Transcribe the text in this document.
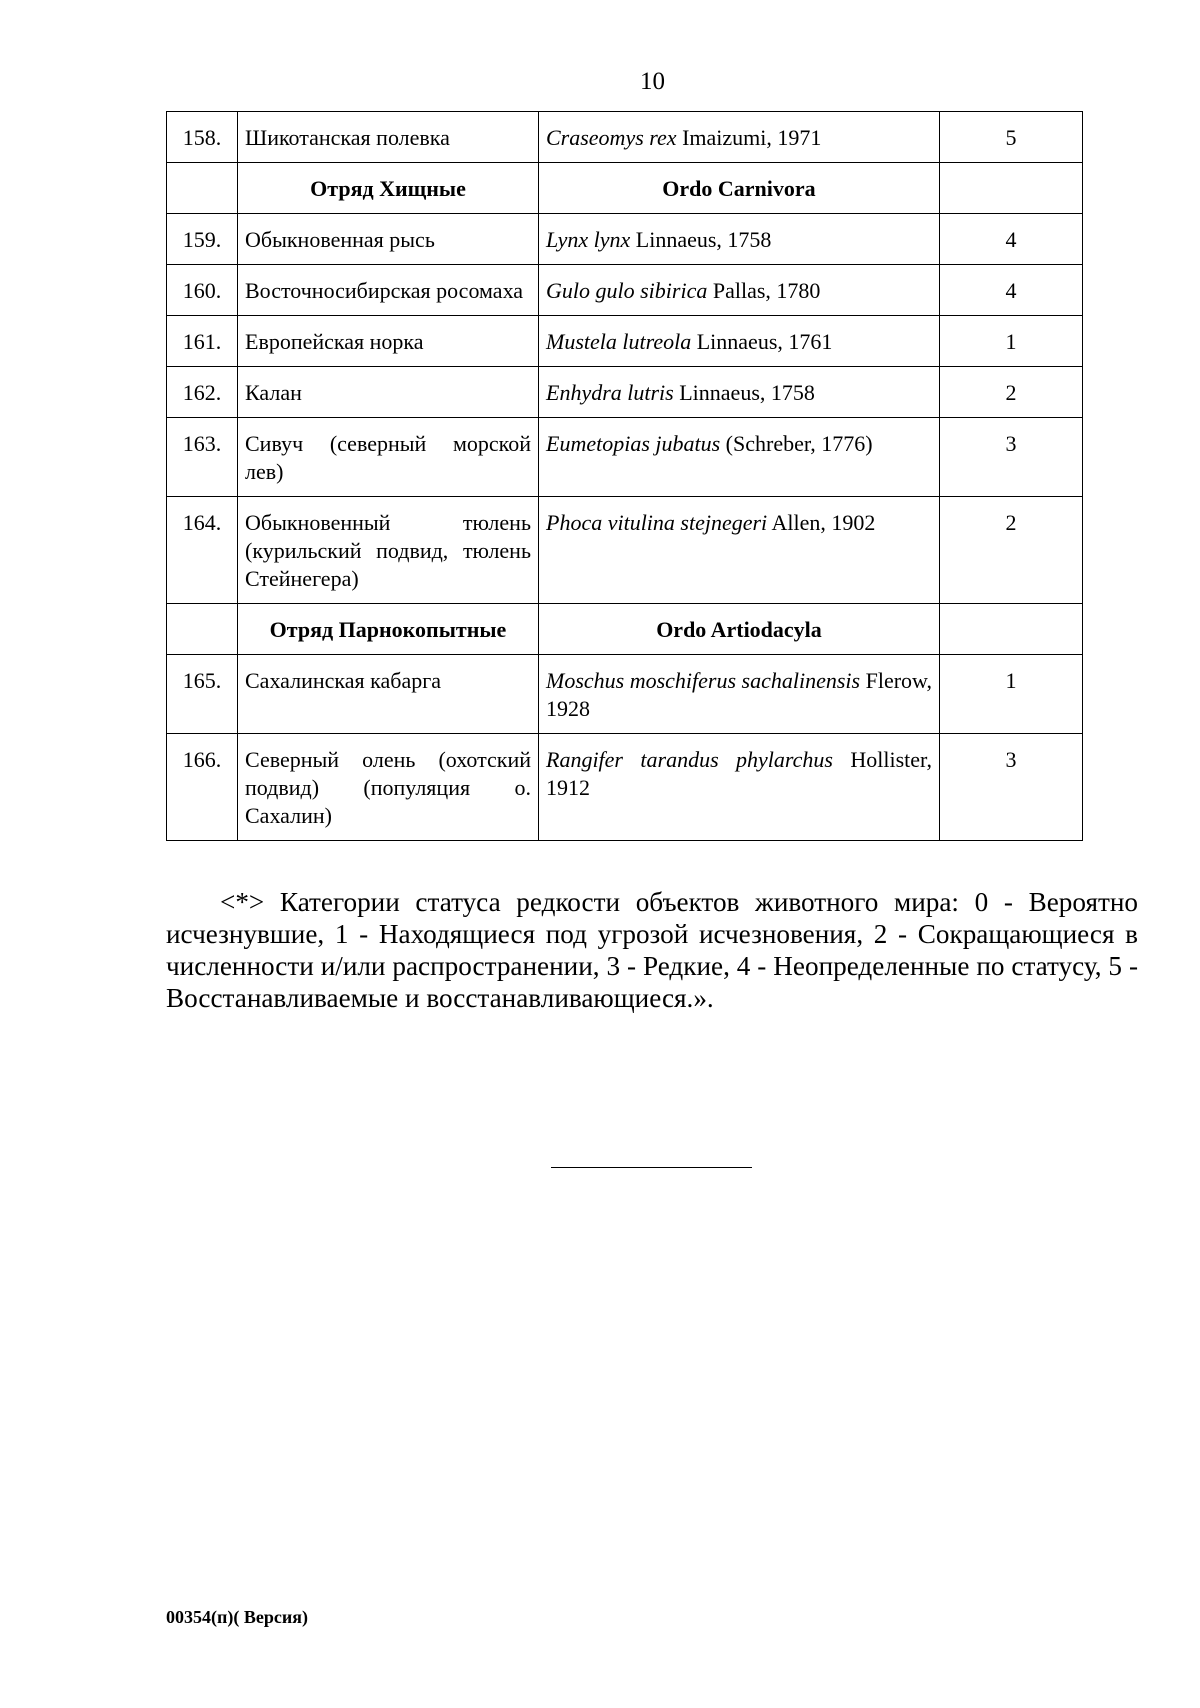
10
158.	Шикотанская полевка	Craseomys rex Imaizumi, 1971	5
	Отряд Хищные	Ordo Carnivora	
159.	Обыкновенная рысь	Lynx lynx Linnaeus, 1758	4
160.	Восточносибирская росомаха	Gulo gulo sibirica Pallas, 1780	4
161.	Европейская норка	Mustela lutreola Linnaeus, 1761	1
162.	Калан	Enhydra lutris Linnaeus, 1758	2
163.	Сивуч (северный морской лев)	Eumetopias jubatus (Schreber, 1776)	3
164.	Обыкновенный тюлень (курильский подвид, тюлень Стейнегера)	Phoca vitulina stejnegeri Allen, 1902	2
	Отряд Парнокопытные	Ordo Artiodacyla	
165.	Сахалинская кабарга	Moschus moschiferus sachalinensis Flerow, 1928	1
166.	Северный олень (охотский подвид) (популяция о. Сахалин)	Rangifer tarandus phylarchus Hollister, 1912	3
<*> Категории статуса редкости объектов животного мира: 0 - Вероятно исчезнувшие, 1 - Находящиеся под угрозой исчезновения, 2 - Сокращающиеся в численности и/или распространении, 3 - Редкие, 4 - Неопределенные по статусу, 5 - Восстанавливаемые и восстанавливающиеся.».
00354(п)( Версия)
